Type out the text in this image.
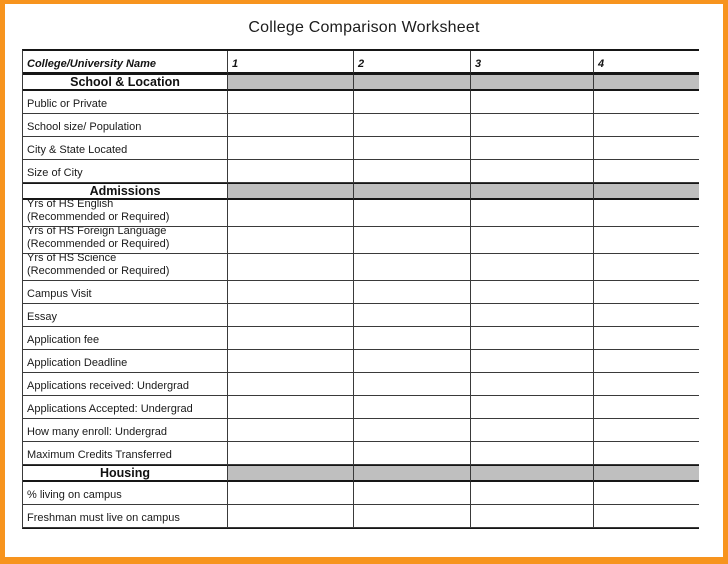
College Comparison Worksheet
College/University Name	1	2	3	4
School & Location
Public or Private
School size/ Population
City & State Located
Size of City
Admissions
Yrs of HS English
(Recommended or Required)
Yrs of HS Foreign Language
(Recommended or Required)
Yrs of HS Science
(Recommended or Required)
Campus Visit
Essay
Application fee
Application Deadline
Applications received: Undergrad
Applications Accepted: Undergrad
How many enroll: Undergrad
Maximum Credits Transferred
Housing
% living on campus
Freshman must live on campus
